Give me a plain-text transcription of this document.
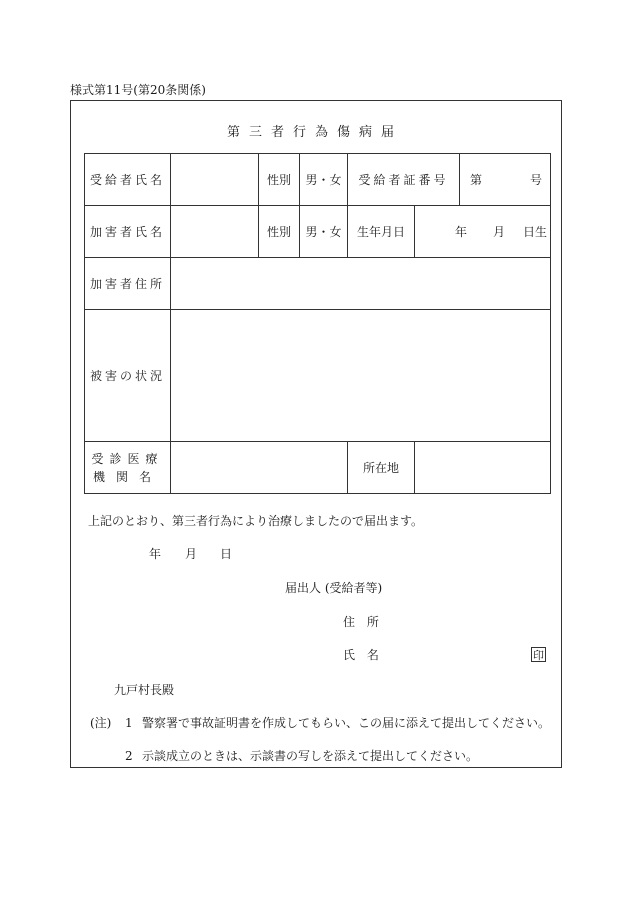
様式第11号(第20条関係)
第三者行為傷病届
受給者氏名		性別	男・女	受給者証番号		第 号

加害者氏名		性別	男・女	生年月日	年 月 日生	
加害者住所						
被害の状況						

受診医療
機関名				所在地		
上記のとおり、第三者行為により治療しましたので届出ます。
年 月 日
届出人 (受給者等)
住 所
氏 名	印
九戸村長殿
(注) 1 警察署で事故証明書を作成してもらい、この届に添えて提出してください。
2 示談成立のときは、示談書の写しを添えて提出してください。
